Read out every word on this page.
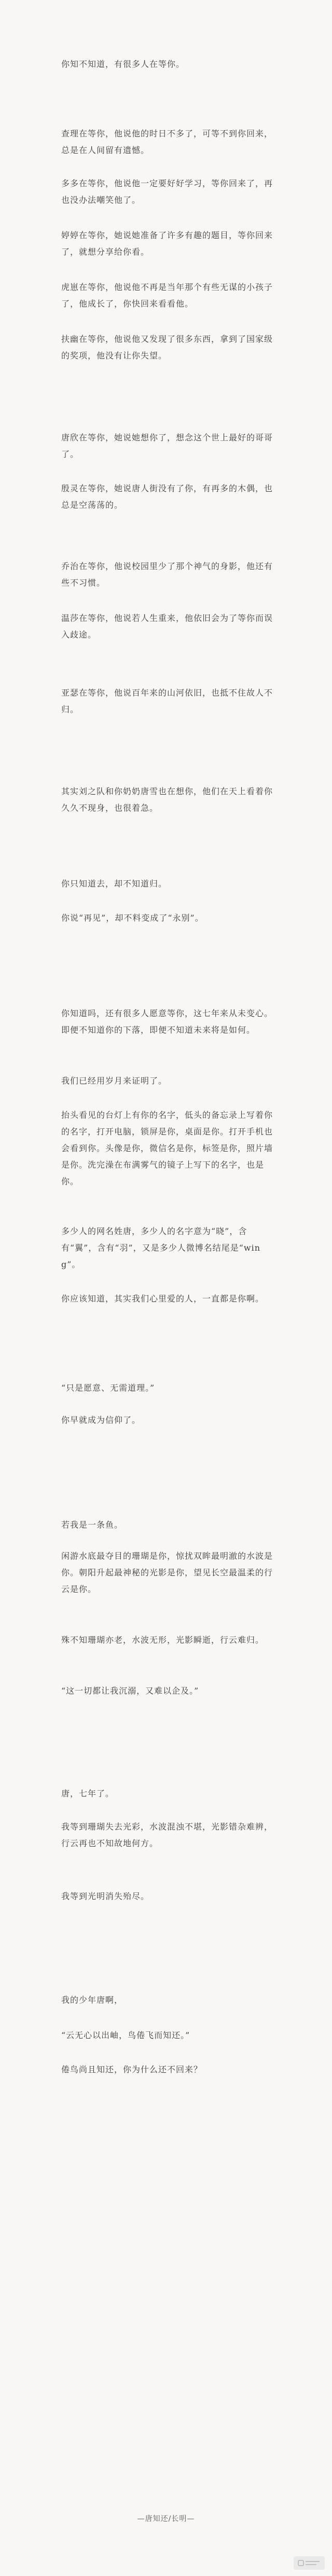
你知不知道，有很多人在等你。

查理在等你，他说他的时日不多了，可等不到你回来，总是在人间留有遗憾。

多多在等你，他说他一定要好好学习，等你回来了，再也没办法嘲笑他了。

婷婷在等你，她说她准备了许多有趣的题目，等你回来了，就想分享给你看。

虎崽在等你，他说他不再是当年那个有些无谋的小孩子了，他成长了，你快回来看看他。

扶幽在等你，他说他又发现了很多东西，拿到了国家级的奖项，他没有让你失望。

唐欣在等你，她说她想你了，想念这个世上最好的哥哥了。

殷灵在等你，她说唐人街没有了你，有再多的木偶，也总是空荡荡的。

乔治在等你，他说校园里少了那个神气的身影，他还有些不习惯。

温莎在等你，他说若人生重来，他依旧会为了等你而误入歧途。

亚瑟在等你，他说百年来的山河依旧，也抵不住故人不归。

其实刘之队和你奶奶唐雪也在想你，他们在天上看着你久久不现身，也很着急。

你只知道去，却不知道归。

你说“再见”，却不料变成了“永别”。

你知道吗，还有很多人愿意等你，这七年来从未变心。即便不知道你的下落，即便不知道未来将是如何。

我们已经用岁月来证明了。

抬头看见的台灯上有你的名字，低头的备忘录上写着你的名字，打开电脑，锁屏是你，桌面是你。打开手机也会看到你。头像是你，微信名是你，标签是你，照片墙是你。洗完澡在布满雾气的镜子上写下的名字，也是你。

多少人的网名姓唐，多少人的名字意为“晓”，含有“翼”，含有“羽”，又是多少人微博名结尾是“wing”。

你应该知道，其实我们心里爱的人，一直都是你啊。

“只是愿意、无需道理。”

你早就成为信仰了。

若我是一条鱼。

闲游水底最夺目的珊瑚是你，惊扰双眸最明澈的水波是你。朝阳升起最神秘的光影是你，望见长空最温柔的行云是你。

殊不知珊瑚亦老，水波无形，光影瞬逝，行云难归。

“这一切都让我沉溺，又难以企及。”

唐，七年了。

我等到珊瑚失去光彩，水波混浊不堪，光影错杂难辨，行云再也不知故地何方。

我等到光明消失殆尽。

我的少年唐啊，

“云无心以出岫，鸟倦飞而知还。”

倦鸟尚且知还，你为什么还不回来？

—唐知还/长明—
